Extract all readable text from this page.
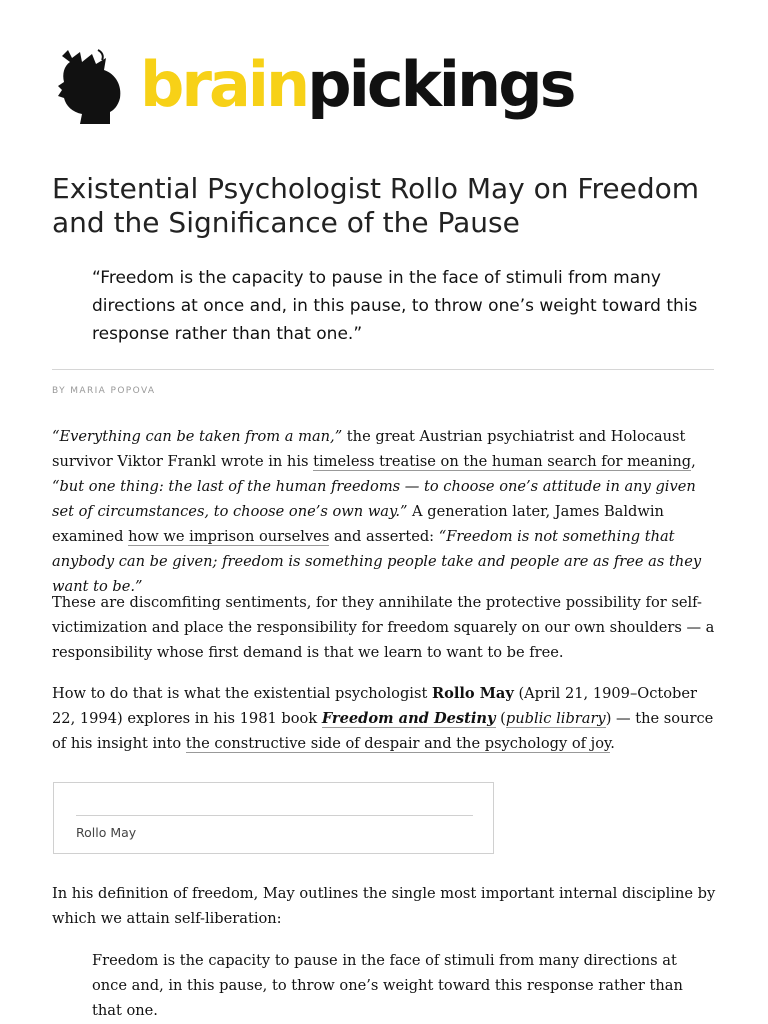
brainpickings
Existential Psychologist Rollo May on Freedom and the Significance of the Pause

“Freedom is the capacity to pause in the face of stimuli from many directions at once and, in this pause, to throw one’s weight toward this response rather than that one.”

BY MARIA POPOVA

“Everything can be taken from a man,” the great Austrian psychiatrist and Holocaust survivor Viktor Frankl wrote in his timeless treatise on the human search for meaning, “but one thing: the last of the human freedoms — to choose one’s attitude in any given set of circumstances, to choose one’s own way.” A generation later, James Baldwin examined how we imprison ourselves and asserted: “Freedom is not something that anybody can be given; freedom is something people take and people are as free as they want to be.”

These are discomfiting sentiments, for they annihilate the protective possibility for self-victimization and place the responsibility for freedom squarely on our own shoulders — a responsibility whose first demand is that we learn to want to be free.

How to do that is what the existential psychologist Rollo May (April 21, 1909–October 22, 1994) explores in his 1981 book Freedom and Destiny (public library) — the source of his insight into the constructive side of despair and the psychology of joy.

Rollo May

In his definition of freedom, May outlines the single most important internal discipline by which we attain self-liberation:

Freedom is the capacity to pause in the face of stimuli from many directions at once and, in this pause, to throw one’s weight toward this response rather than that one.
